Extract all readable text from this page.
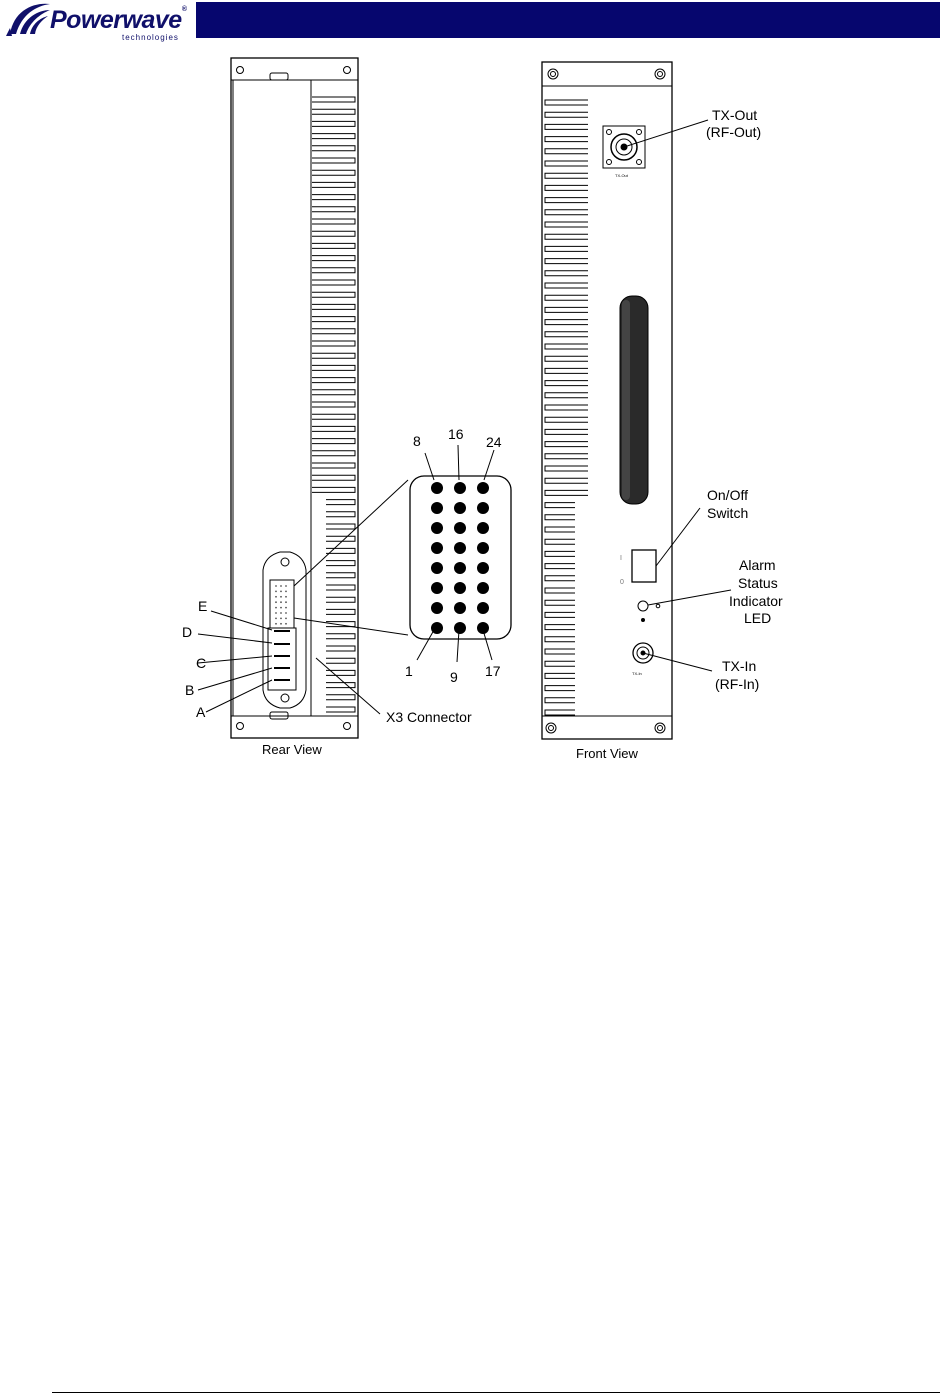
Powerwave®
technologies
E
D
C
B
A	X3 Connector
8 16 24
1	9 17
Rear View
TX-Out
(RF-Out)
On/Off
Switch
Alarm
Status
Indicator
LED
TX-In
(RF-In)
Front View
TX-Out
TX-In
I
0
